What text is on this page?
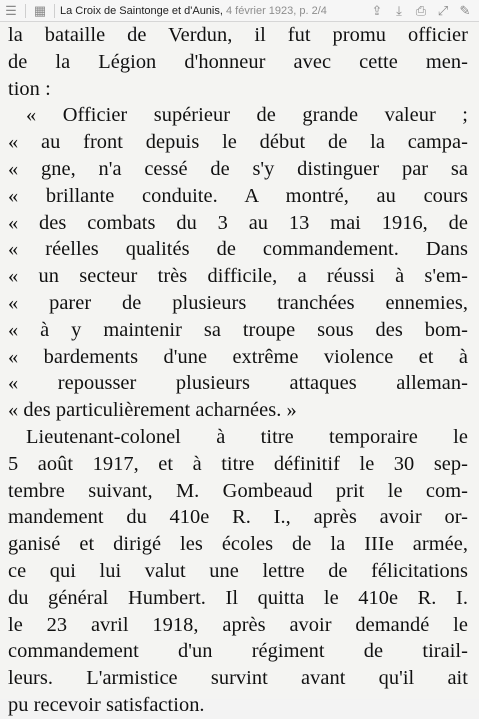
☰	▦	La Croix de Saintonge et d'Aunis, 4 février 1923, p. 2/4	⇪	⤓	⎙ ⤢ ✎
la bataille de Verdun, il fut promu officier
de la Légion d'honneur avec cette men-
tion :
« Officier supérieur de grande valeur ;
« au front depuis le début de la campa-
« gne, n'a cessé de s'y distinguer par sa
« brillante conduite. A montré, au cours
« des combats du 3 au 13 mai 1916, de
« réelles qualités de commandement. Dans
« un secteur très difficile, a réussi à s'em-
« parer de plusieurs tranchées ennemies,
« à y maintenir sa troupe sous des bom-
« bardements d'une extrême violence et à
« repousser plusieurs attaques alleman-
« des particulièrement acharnées. »
Lieutenant-colonel à titre temporaire le
5 août 1917, et à titre définitif le 30 sep-
tembre suivant, M. Gombeaud prit le com-
mandement du 410e R. I., après avoir or-
ganisé et dirigé les écoles de la IIIe armée,
ce qui lui valut une lettre de félicitations
du général Humbert. Il quitta le 410e R. I.
le 23 avril 1918, après avoir demandé le
commandement d'un régiment de tirail-
leurs. L'armistice survint avant qu'il ait
pu recevoir satisfaction.
